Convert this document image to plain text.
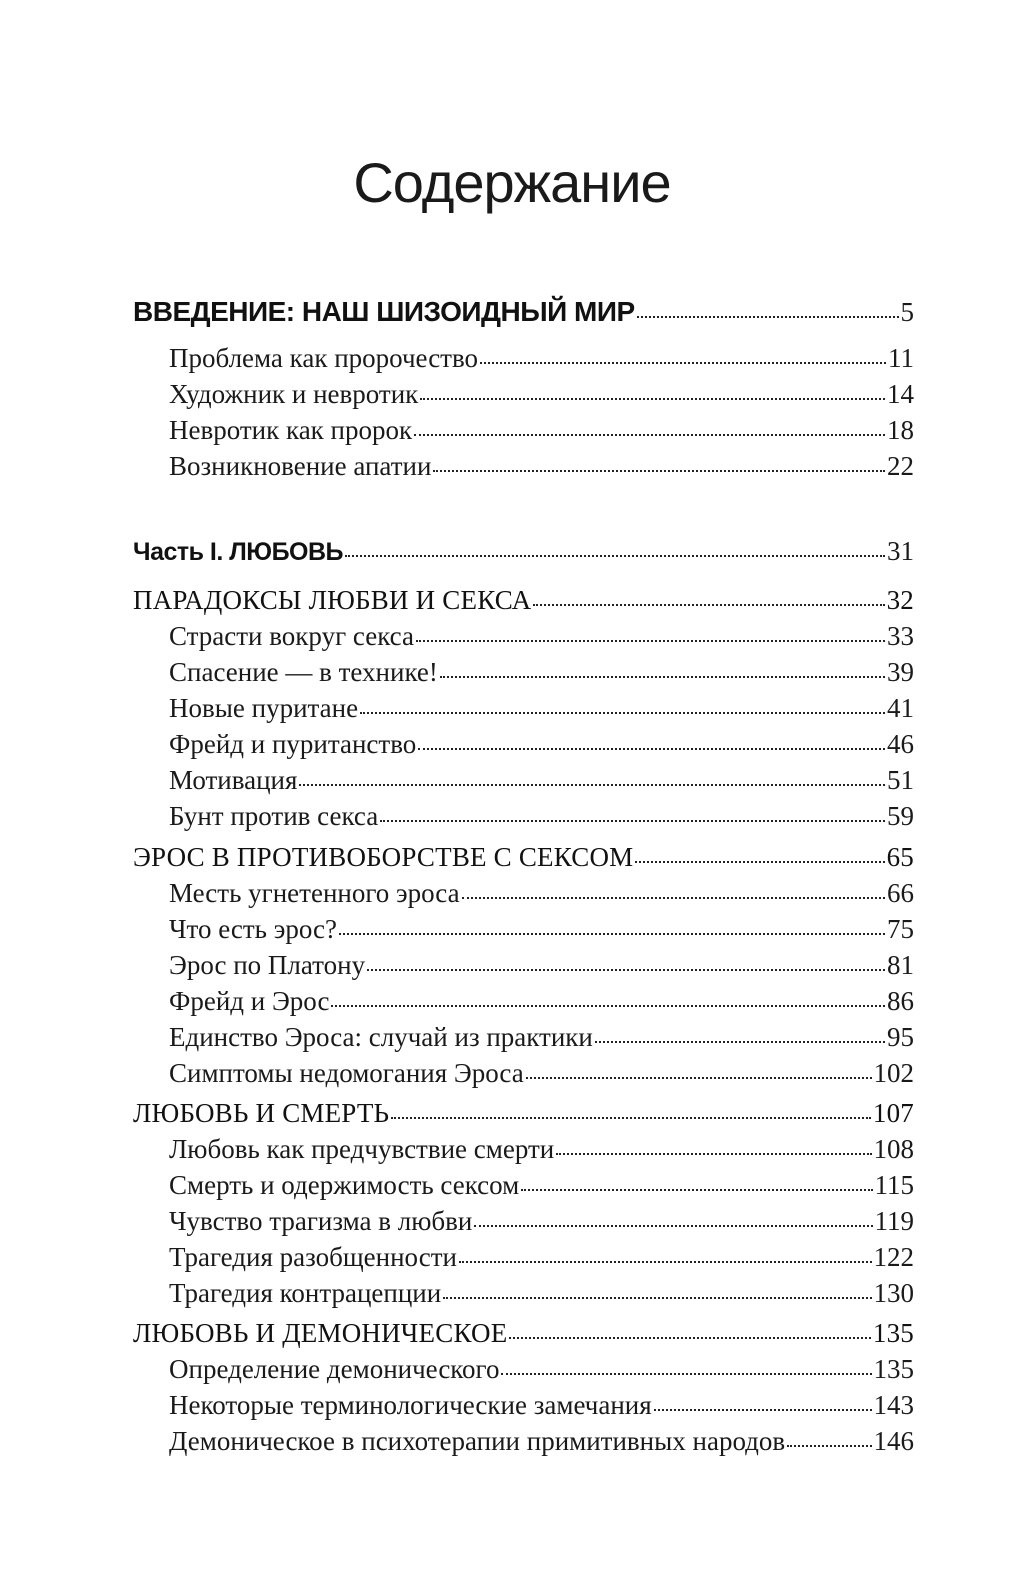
Содержание
ВВЕДЕНИЕ: НАШ ШИЗОИДНЫЙ МИР	5
Проблема как пророчество	11
Художник и невротик	14
Невротик как пророк	18
Возникновение апатии	22
Часть I. ЛЮБОВЬ	31
ПАРАДОКСЫ ЛЮБВИ И СЕКСА	32
Страсти вокруг секса	33
Спасение — в технике!	39
Новые пуритане	41
Фрейд и пуританство	46
Мотивация	51
Бунт против секса	59
ЭРОС В ПРОТИВОБОРСТВЕ С СЕКСОМ	65
Месть угнетенного эроса	66
Что есть эрос?	75
Эрос по Платону	81
Фрейд и Эрос	86
Единство Эроса: случай из практики	95
Симптомы недомогания Эроса	102
ЛЮБОВЬ И СМЕРТЬ	107
Любовь как предчувствие смерти	108
Смерть и одержимость сексом	115
Чувство трагизма в любви	119
Трагедия разобщенности	122
Трагедия контрацепции	130
ЛЮБОВЬ И ДЕМОНИЧЕСКОЕ	135
Определение демонического	135
Некоторые терминологические замечания	143
Демоническое в психотерапии примитивных народов	146
